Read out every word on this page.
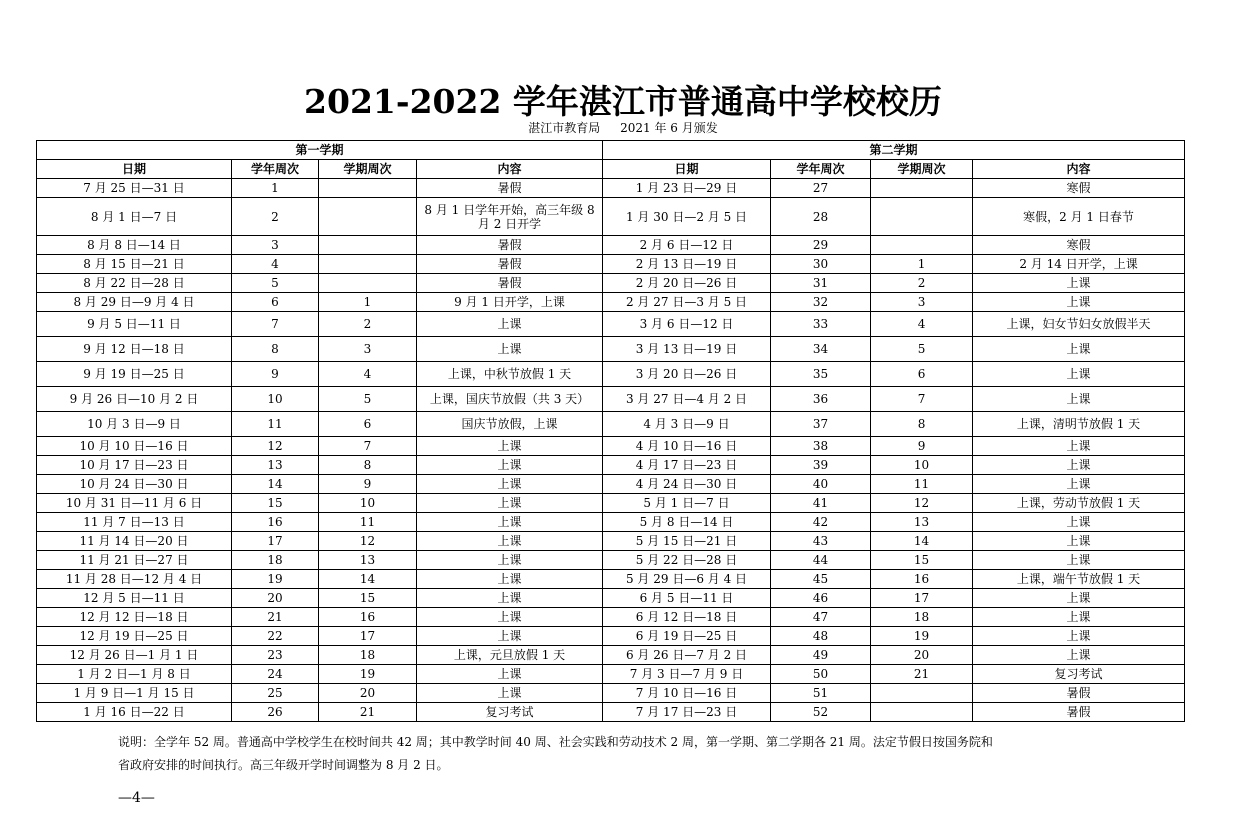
2021-2022 学年湛江市普通高中学校校历
湛江市教育局 2021 年 6 月颁发
第一学期				第二学期			
日期	学年周次	学期周次	内容	日期	学年周次	学期周次	内容
7 月 25 日—31 日	1		暑假	1 月 23 日—29 日	27		寒假
8 月 1 日—7 日	2		8 月 1 日学年开始，高三年级 8 月 2 日开学	1 月 30 日—2 月 5 日	28		寒假，2 月 1 日春节
8 月 8 日—14 日	3		暑假	2 月 6 日—12 日	29		寒假
8 月 15 日—21 日	4		暑假	2 月 13 日—19 日	30	1	2 月 14 日开学，上课
8 月 22 日—28 日	5		暑假	2 月 20 日—26 日	31	2	上课
8 月 29 日—9 月 4 日	6	1	9 月 1 日开学，上课	2 月 27 日—3 月 5 日	32	3	上课
9 月 5 日—11 日	7	2	上课	3 月 6 日—12 日	33	4	上课，妇女节妇女放假半天
9 月 12 日—18 日	8	3	上课	3 月 13 日—19 日	34	5	上课
9 月 19 日—25 日	9	4	上课，中秋节放假 1 天	3 月 20 日—26 日	35	6	上课
9 月 26 日—10 月 2 日	10	5	上课，国庆节放假（共 3 天）	3 月 27 日—4 月 2 日	36	7	上课
10 月 3 日—9 日	11	6	国庆节放假，上课	4 月 3 日—9 日	37	8	上课，清明节放假 1 天
10 月 10 日—16 日	12	7	上课	4 月 10 日—16 日	38	9	上课
10 月 17 日—23 日	13	8	上课	4 月 17 日—23 日	39	10	上课
10 月 24 日—30 日	14	9	上课	4 月 24 日—30 日	40	11	上课
10 月 31 日—11 月 6 日	15	10	上课	5 月 1 日—7 日	41	12	上课，劳动节放假 1 天
11 月 7 日—13 日	16	11	上课	5 月 8 日—14 日	42	13	上课
11 月 14 日—20 日	17	12	上课	5 月 15 日—21 日	43	14	上课
11 月 21 日—27 日	18	13	上课	5 月 22 日—28 日	44	15	上课
11 月 28 日—12 月 4 日	19	14	上课	5 月 29 日—6 月 4 日	45	16	上课，端午节放假 1 天
12 月 5 日—11 日	20	15	上课	6 月 5 日—11 日	46	17	上课
12 月 12 日—18 日	21	16	上课	6 月 12 日—18 日	47	18	上课
12 月 19 日—25 日	22	17	上课	6 月 19 日—25 日	48	19	上课
12 月 26 日—1 月 1 日	23	18	上课，元旦放假 1 天	6 月 26 日—7 月 2 日	49	20	上课
1 月 2 日—1 月 8 日	24	19	上课	7 月 3 日—7 月 9 日	50	21	复习考试
1 月 9 日—1 月 15 日	25	20	上课	7 月 10 日—16 日	51		暑假
1 月 16 日—22 日	26	21	复习考试	7 月 17 日—23 日	52		暑假
说明：全学年 52 周。普通高中学校学生在校时间共 42 周；其中教学时间 40 周、社会实践和劳动技术 2 周，第一学期、第二学期各 21 周。法定节假日按国务院和
省政府安排的时间执行。高三年级开学时间调整为 8 月 2 日。
—4—
